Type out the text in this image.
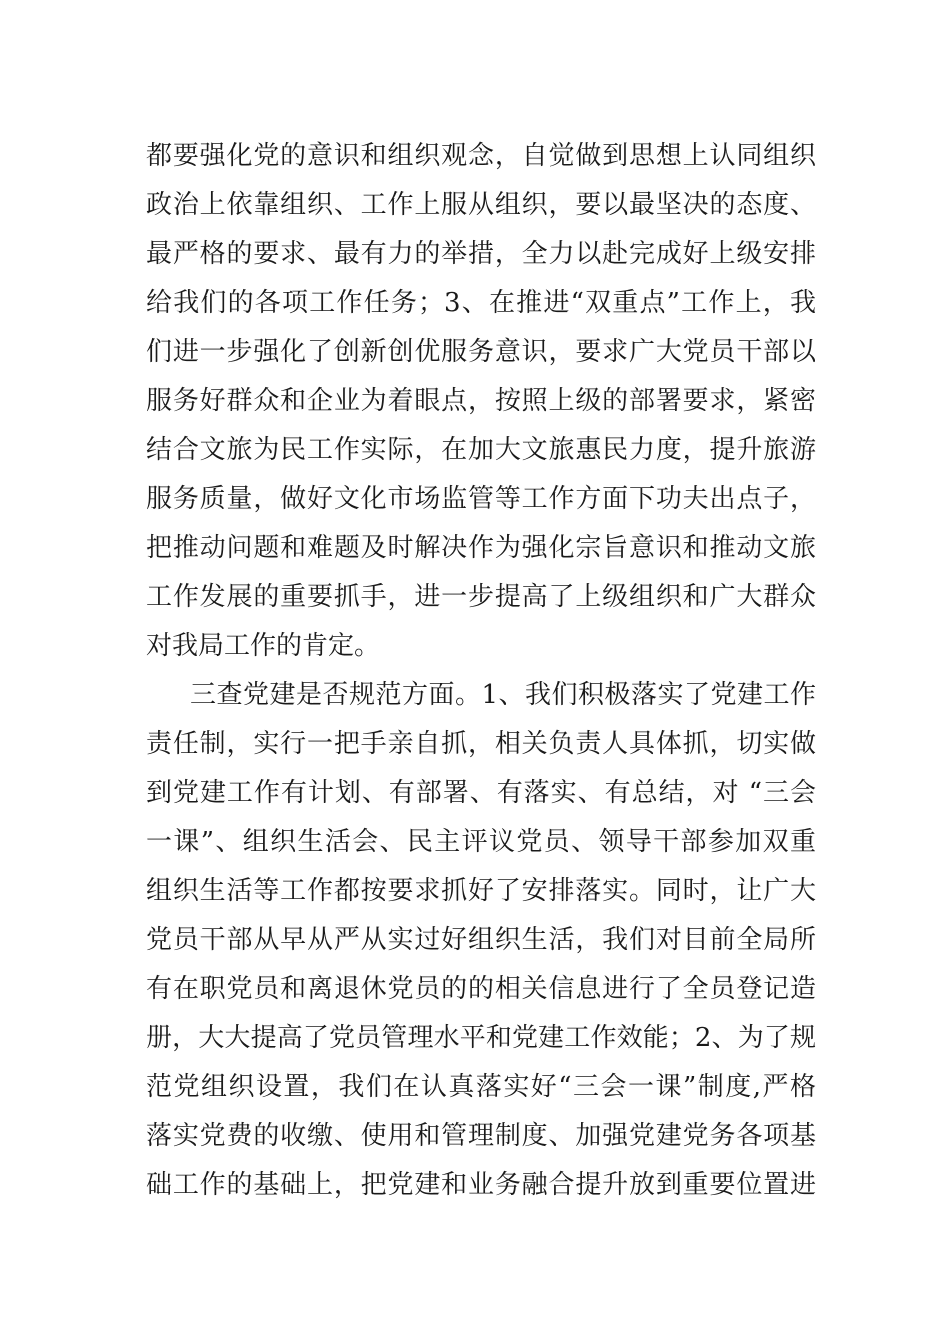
都要强化党的意识和组织观念，自觉做到思想上认同组织
政治上依靠组织、工作上服从组织，要以最坚决的态度、
最严格的要求、最有力的举措，全力以赴完成好上级安排
给我们的各项工作任务；3、在推进“双重点”工作上，我
们进一步强化了创新创优服务意识，要求广大党员干部以
服务好群众和企业为着眼点，按照上级的部署要求，紧密
结合文旅为民工作实际，在加大文旅惠民力度，提升旅游
服务质量，做好文化市场监管等工作方面下功夫出点子，
把推动问题和难题及时解决作为强化宗旨意识和推动文旅
工作发展的重要抓手，进一步提高了上级组织和广大群众
对我局工作的肯定。
三查党建是否规范方面。1、我们积极落实了党建工作
责任制，实行一把手亲自抓，相关负责人具体抓，切实做
到党建工作有计划、有部署、有落实、有总结，对 “三会
一课”、组织生活会、民主评议党员、领导干部参加双重
组织生活等工作都按要求抓好了安排落实。同时，让广大
党员干部从早从严从实过好组织生活，我们对目前全局所
有在职党员和离退休党员的的相关信息进行了全员登记造
册，大大提高了党员管理水平和党建工作效能；2、为了规
范党组织设置，我们在认真落实好“三会一课”制度,严格
落实党费的收缴、使用和管理制度、加强党建党务各项基
础工作的基础上，把党建和业务融合提升放到重要位置进
